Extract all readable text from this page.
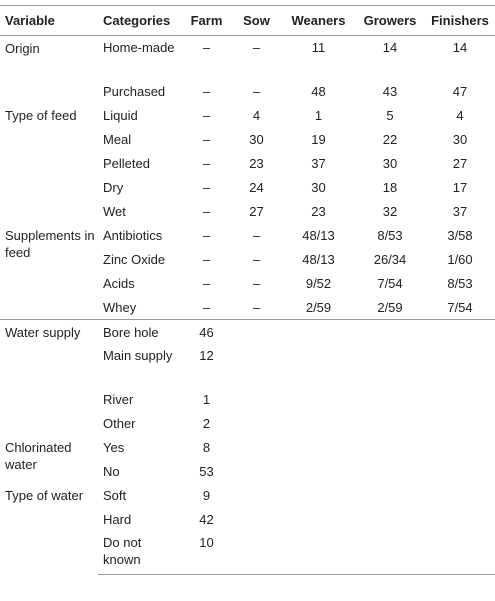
Variable	Categories	Farm	Sow	Weaners	Growers	Finishers
Origin	Home-made	–	–	11	14	14
	Purchased	–	–	48	43	47
Type of feed	Liquid	–	4	1	5	4
	Meal	–	30	19	22	30
	Pelleted	–	23	37	30	27
	Dry	–	24	30	18	17
	Wet	–	27	23	32	37
Supplements in feed	Antibiotics	–	–	48/13	8/53	3/58
	Zinc Oxide	–	–	48/13	26/34	1/60
	Acids	–	–	9/52	7/54	8/53
	Whey	–	–	2/59	2/59	7/54
Water supply	Bore hole	46				
	Main supply	12				
	River	1				
	Other	2				
Chlorinated water	Yes	8				
	No	53				
Type of water	Soft	9				
	Hard	42				
	Do not known	10				
